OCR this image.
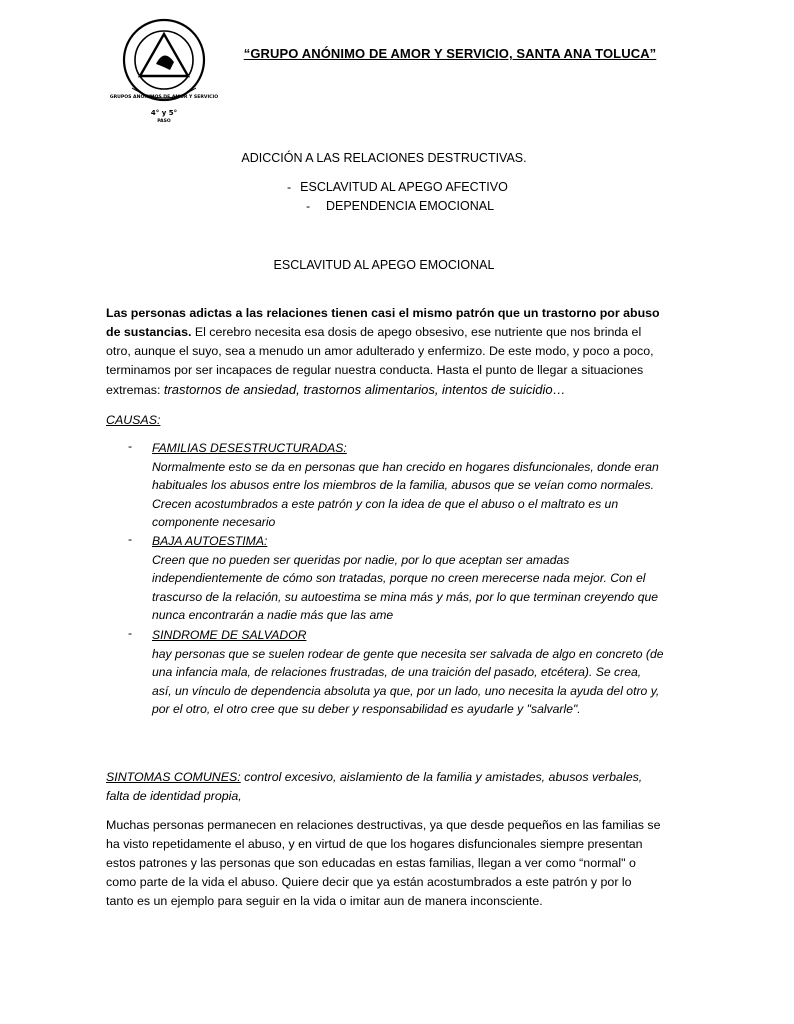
GRUPOS ANÓNIMOS DE AMOR Y SERVICIO
4° y 5°
PASO
“GRUPO ANÓNIMO DE AMOR Y SERVICIO, SANTA ANA TOLUCA”
ADICCIÓN A LAS RELACIONES DESTRUCTIVAS.
- ESCLAVITUD AL APEGO AFECTIVO
-	DEPENDENCIA EMOCIONAL
ESCLAVITUD AL APEGO EMOCIONAL
Las personas adictas a las relaciones tienen casi el mismo patrón que un trastorno por abuso de sustancias. El cerebro necesita esa dosis de apego obsesivo, ese nutriente que nos brinda el otro, aunque el suyo, sea a menudo un amor adulterado y enfermizo. De este modo, y poco a poco, terminamos por ser incapaces de regular nuestra conducta. Hasta el punto de llegar a situaciones extremas: trastornos de ansiedad, trastornos alimentarios, intentos de suicidio…
CAUSAS:
- FAMILIAS DESESTRUCTURADAS:
Normalmente esto se da en personas que han crecido en hogares disfuncionales, donde eran habituales los abusos entre los miembros de la familia, abusos que se veían como normales. Crecen acostumbrados a este patrón y con la idea de que el abuso o el maltrato es un componente necesario
- BAJA AUTOESTIMA:
Creen que no pueden ser queridas por nadie, por lo que aceptan ser amadas independientemente de cómo son tratadas, porque no creen merecerse nada mejor. Con el trascurso de la relación, su autoestima se mina más y más, por lo que terminan creyendo que nunca encontrarán a nadie más que las ame
- SINDROME DE SALVADOR
hay personas que se suelen rodear de gente que necesita ser salvada de algo en concreto (de una infancia mala, de relaciones frustradas, de una traición del pasado, etcétera). Se crea, así, un vínculo de dependencia absoluta ya que, por un lado, uno necesita la ayuda del otro y, por el otro, el otro cree que su deber y responsabilidad es ayudarle y "salvarle".
SINTOMAS COMUNES: control excesivo, aislamiento de la familia y amistades, abusos verbales, falta de identidad propia,
Muchas personas permanecen en relaciones destructivas, ya que desde pequeños en las familias se ha visto repetidamente el abuso, y en virtud de que los hogares disfuncionales siempre presentan estos patrones y las personas que son educadas en estas familias, llegan a ver como “normal" o como parte de la vida el abuso. Quiere decir que ya están acostumbrados a este patrón y por lo tanto es un ejemplo para seguir en la vida o imitar aun de manera inconsciente.
